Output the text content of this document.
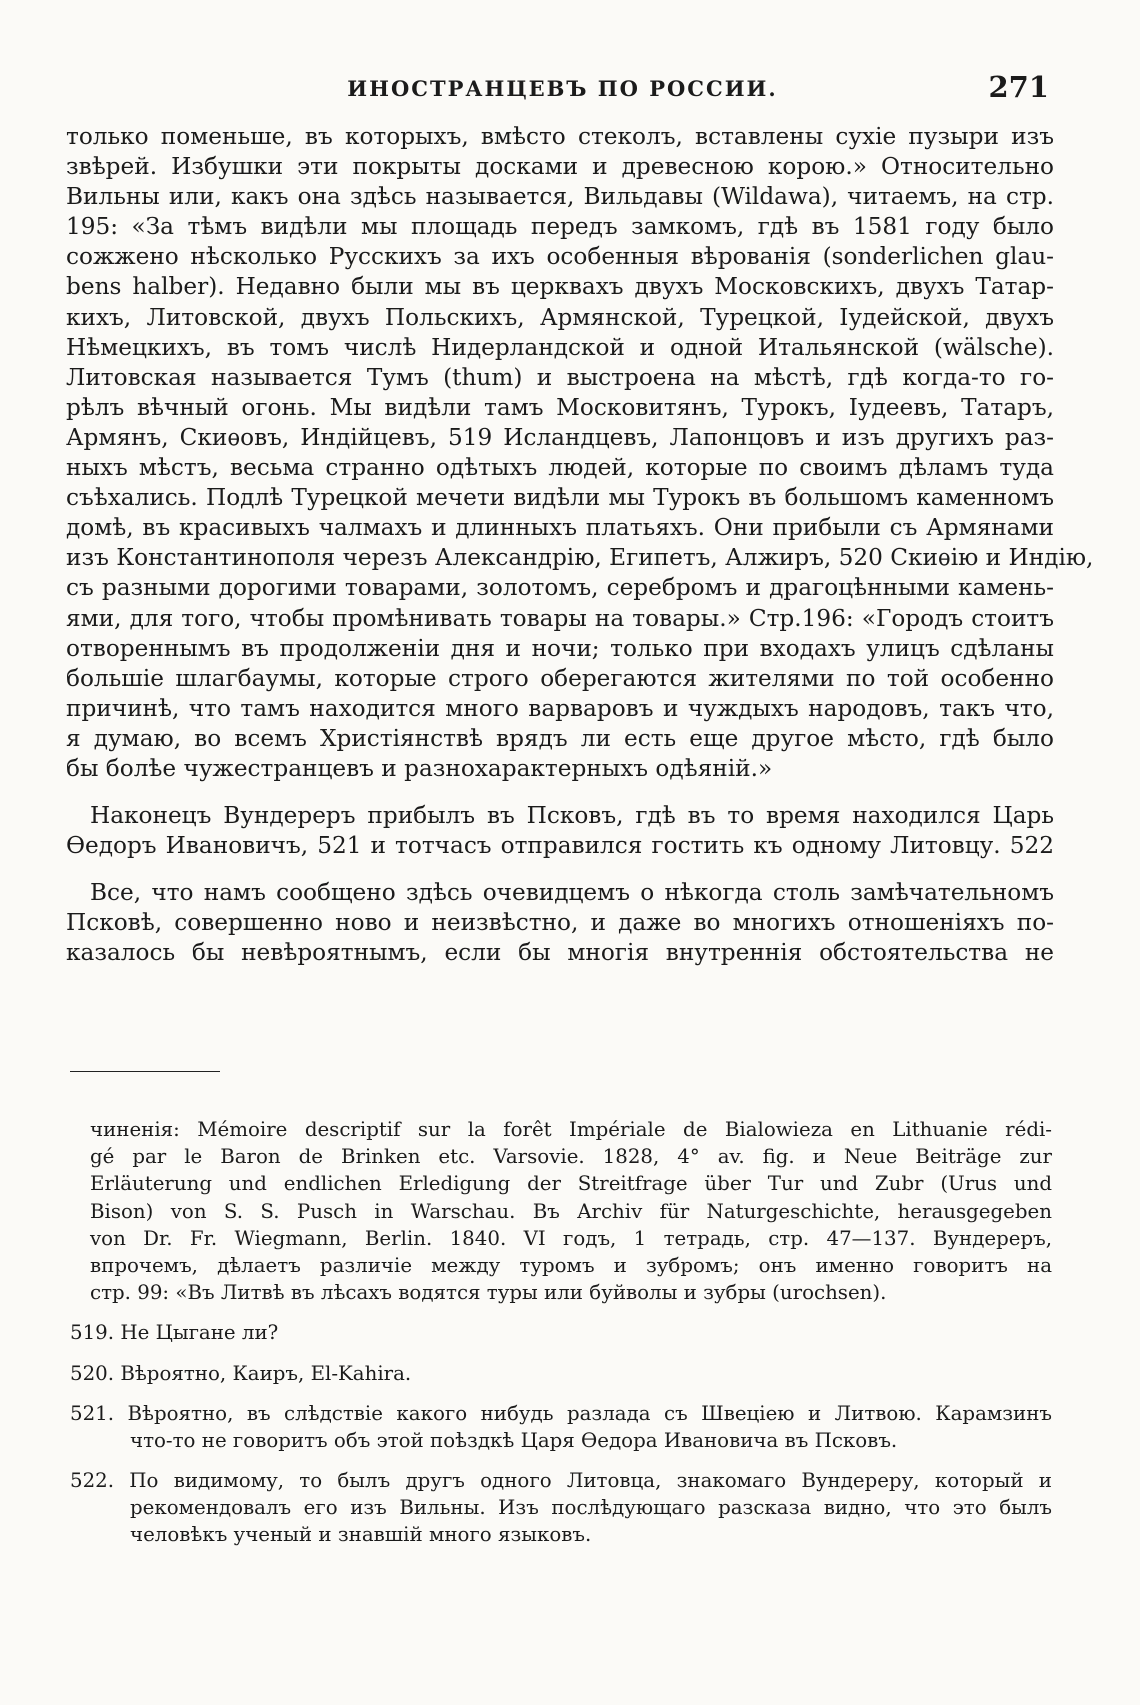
ИНОСТРАНЦЕВЪ ПО РОССИИ.	271
только поменьше, въ которыхъ, вмѣсто стеколъ, вставлены сухіе пузыри изъ
звѣрей. Избушки эти покрыты досками и древесною корою.» Относительно
Вильны или, какъ она здѣсь называется, Вильдавы (Wildawa), читаемъ, на стр.
195: «За тѣмъ видѣли мы площадь передъ замкомъ, гдѣ въ 1581 году было
сожжено нѣсколько Русскихъ за ихъ особенныя вѣрованія (sonderlichen glau-
bens halber). Недавно были мы въ церквахъ двухъ Московскихъ, двухъ Татар-
кихъ, Литовской, двухъ Польскихъ, Армянской, Турецкой, Іудейской, двухъ
Нѣмецкихъ, въ томъ числѣ Нидерландской и одной Итальянской (wälsche).
Литовская называется Тумъ (thum) и выстроена на мѣстѣ, гдѣ когда-то го-
рѣлъ вѣчный огонь. Мы видѣли тамъ Московитянъ, Турокъ, Іудеевъ, Татаръ,
Армянъ, Скиѳовъ, Индійцевъ, 519 Исландцевъ, Лапонцовъ и изъ другихъ раз-
ныхъ мѣстъ, весьма странно одѣтыхъ людей, которые по своимъ дѣламъ туда
съѣхались. Подлѣ Турецкой мечети видѣли мы Турокъ въ большомъ каменномъ
домѣ, въ красивыхъ чалмахъ и длинныхъ платьяхъ. Они прибыли съ Армянами
изъ Константинополя черезъ Александрію, Египетъ, Алжиръ, 520 Скиѳію и Индію,
съ разными дорогими товарами, золотомъ, серебромъ и драгоцѣнными камень-
ями, для того, чтобы промѣнивать товары на товары.» Стр.196: «Городъ стоитъ
отвореннымъ въ продолженіи дня и ночи; только при входахъ улицъ сдѣланы
большіе шлагбаумы, которые строго оберегаются жителями по той особенно
причинѣ, что тамъ находится много варваровъ и чуждыхъ народовъ, такъ что,
я думаю, во всемъ Христіянствѣ врядъ ли есть еще другое мѣсто, гдѣ было
бы болѣе чужестранцевъ и разнохарактерныхъ одѣяній.»
Наконецъ Вундереръ прибылъ въ Псковъ, гдѣ въ то время находился Царь
Ѳедоръ Ивановичъ, 521 и тотчасъ отправился гостить къ одному Литовцу. 522
Все, что намъ сообщено здѣсь очевидцемъ о нѣкогда столь замѣчательномъ
Псковѣ, совершенно ново и неизвѣстно, и даже во многихъ отношеніяхъ по-
казалось бы невѣроятнымъ, если бы многія внутреннія обстоятельства не
чиненія: Mémoire descriptif sur la forêt Impériale de Bialowieza en Lithuanie rédi-
gé par le Baron de Brinken etc. Varsovie. 1828, 4° av. fig. и Neue Beiträge zur
Erläuterung und endlichen Erledigung der Streitfrage über Tur und Zubr (Urus und
Bison) von S. S. Pusch in Warschau. Въ Archiv für Naturgeschichte, herausgegeben
von Dr. Fr. Wiegmann, Berlin. 1840. VI годъ, 1 тетрадь, стр. 47—137. Вундереръ,
впрочемъ, дѣлаетъ различіе между туромъ и зубромъ; онъ именно говоритъ на
стр. 99: «Въ Литвѣ въ лѣсахъ водятся туры или буйволы и зубры (urochsen).
519. Не Цыгане ли?
520. Вѣроятно, Каиръ, El-Kahira.
521. Вѣроятно, въ слѣдствіе какого нибудь разлада съ Швецiею и Литвою. Карамзинъ
что-то не говоритъ объ этой поѣздкѣ Царя Ѳедора Ивановича въ Псковъ.
522. По видимому, то былъ другъ одного Литовца, знакомаго Вундереру, который и
рекомендовалъ его изъ Вильны. Изъ послѣдующаго разсказа видно, что это былъ
человѣкъ ученый и знавшій много языковъ.
